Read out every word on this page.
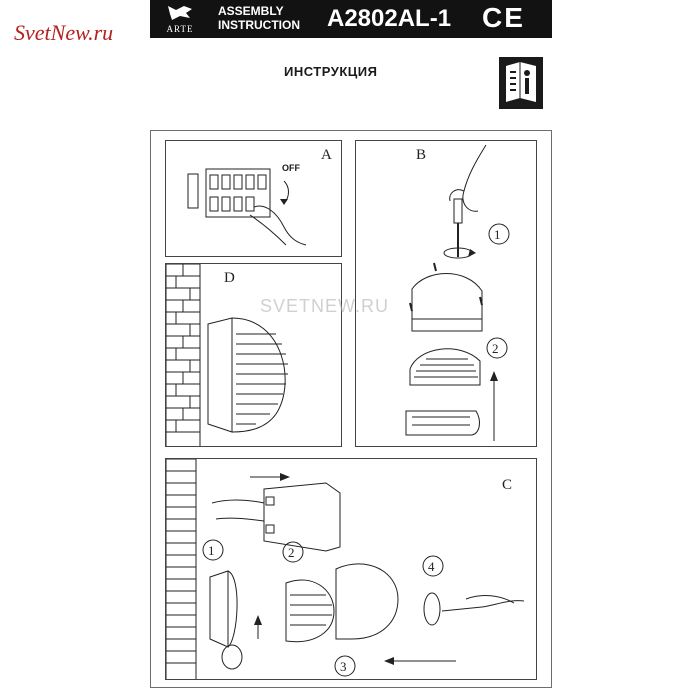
ARTE
ASSEMBLY
INSTRUCTION A2802AL-1	CE
SvetNew.ru
ИНСТРУКЦИЯ
A
OFF
B
1
2
D
C
1	2
3
4
SVETNEW.RU
